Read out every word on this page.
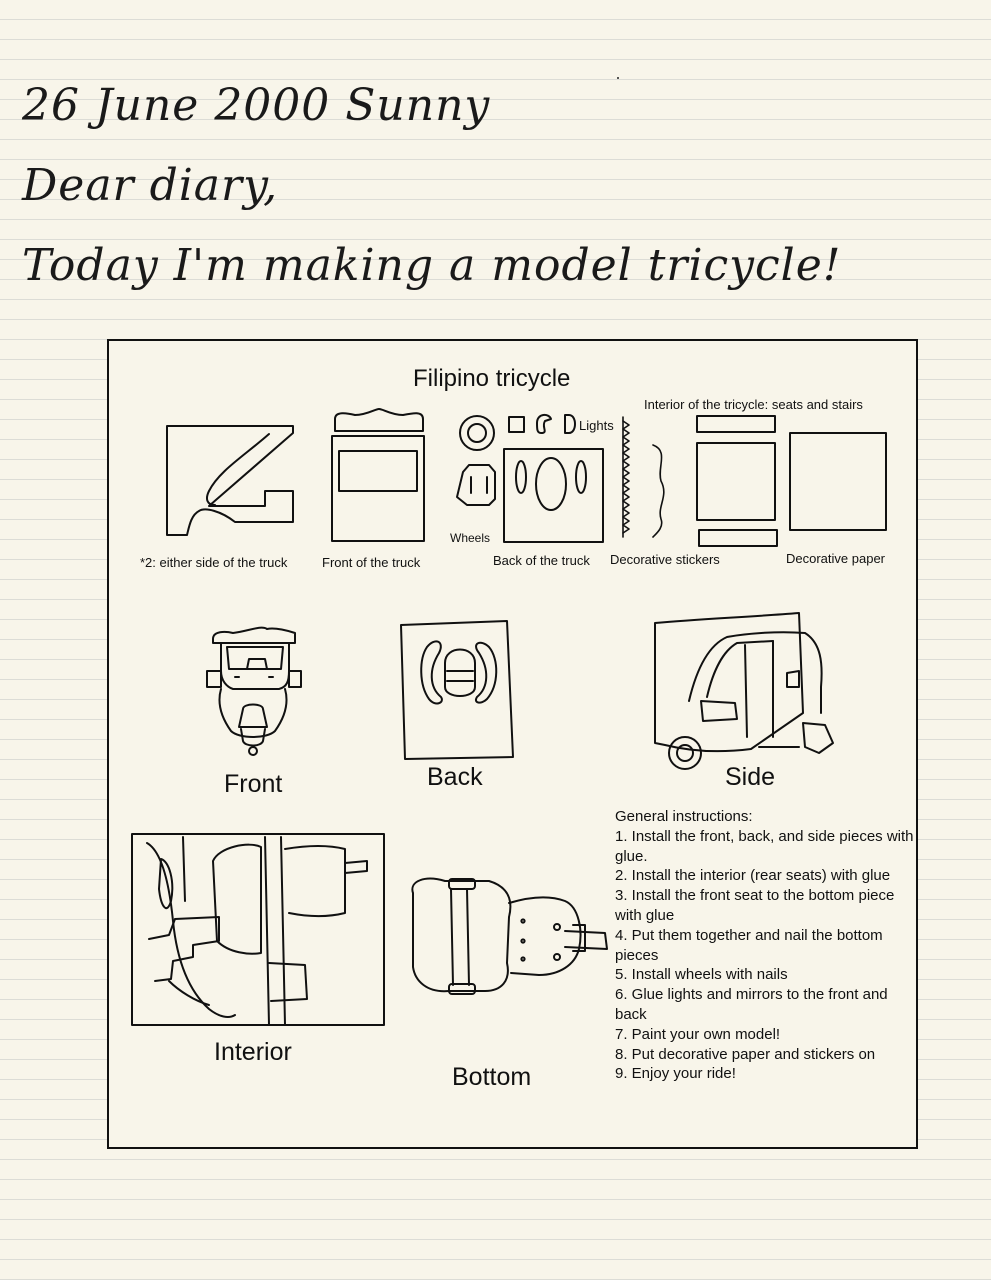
26 June 2000 Sunny
Dear diary,
Today I'm making a model tricycle!
Filipino tricycle
Interior of the tricycle: seats and stairs
Lights
Wheels
*2: either side of the truck	Front of the truck	Back of the truck Decorative stickers	Decorative paper
Front	Back	Side
Interior
Bottom
General instructions:
1. Install the front, back, and side pieces with glue.
2. Install the interior (rear seats) with glue
3. Install the front seat to the bottom piece with glue
4. Put them together and nail the bottom pieces
5. Install wheels with nails
6. Glue lights and mirrors to the front and back
7. Paint your own model!
8. Put decorative paper and stickers on
9. Enjoy your ride!
